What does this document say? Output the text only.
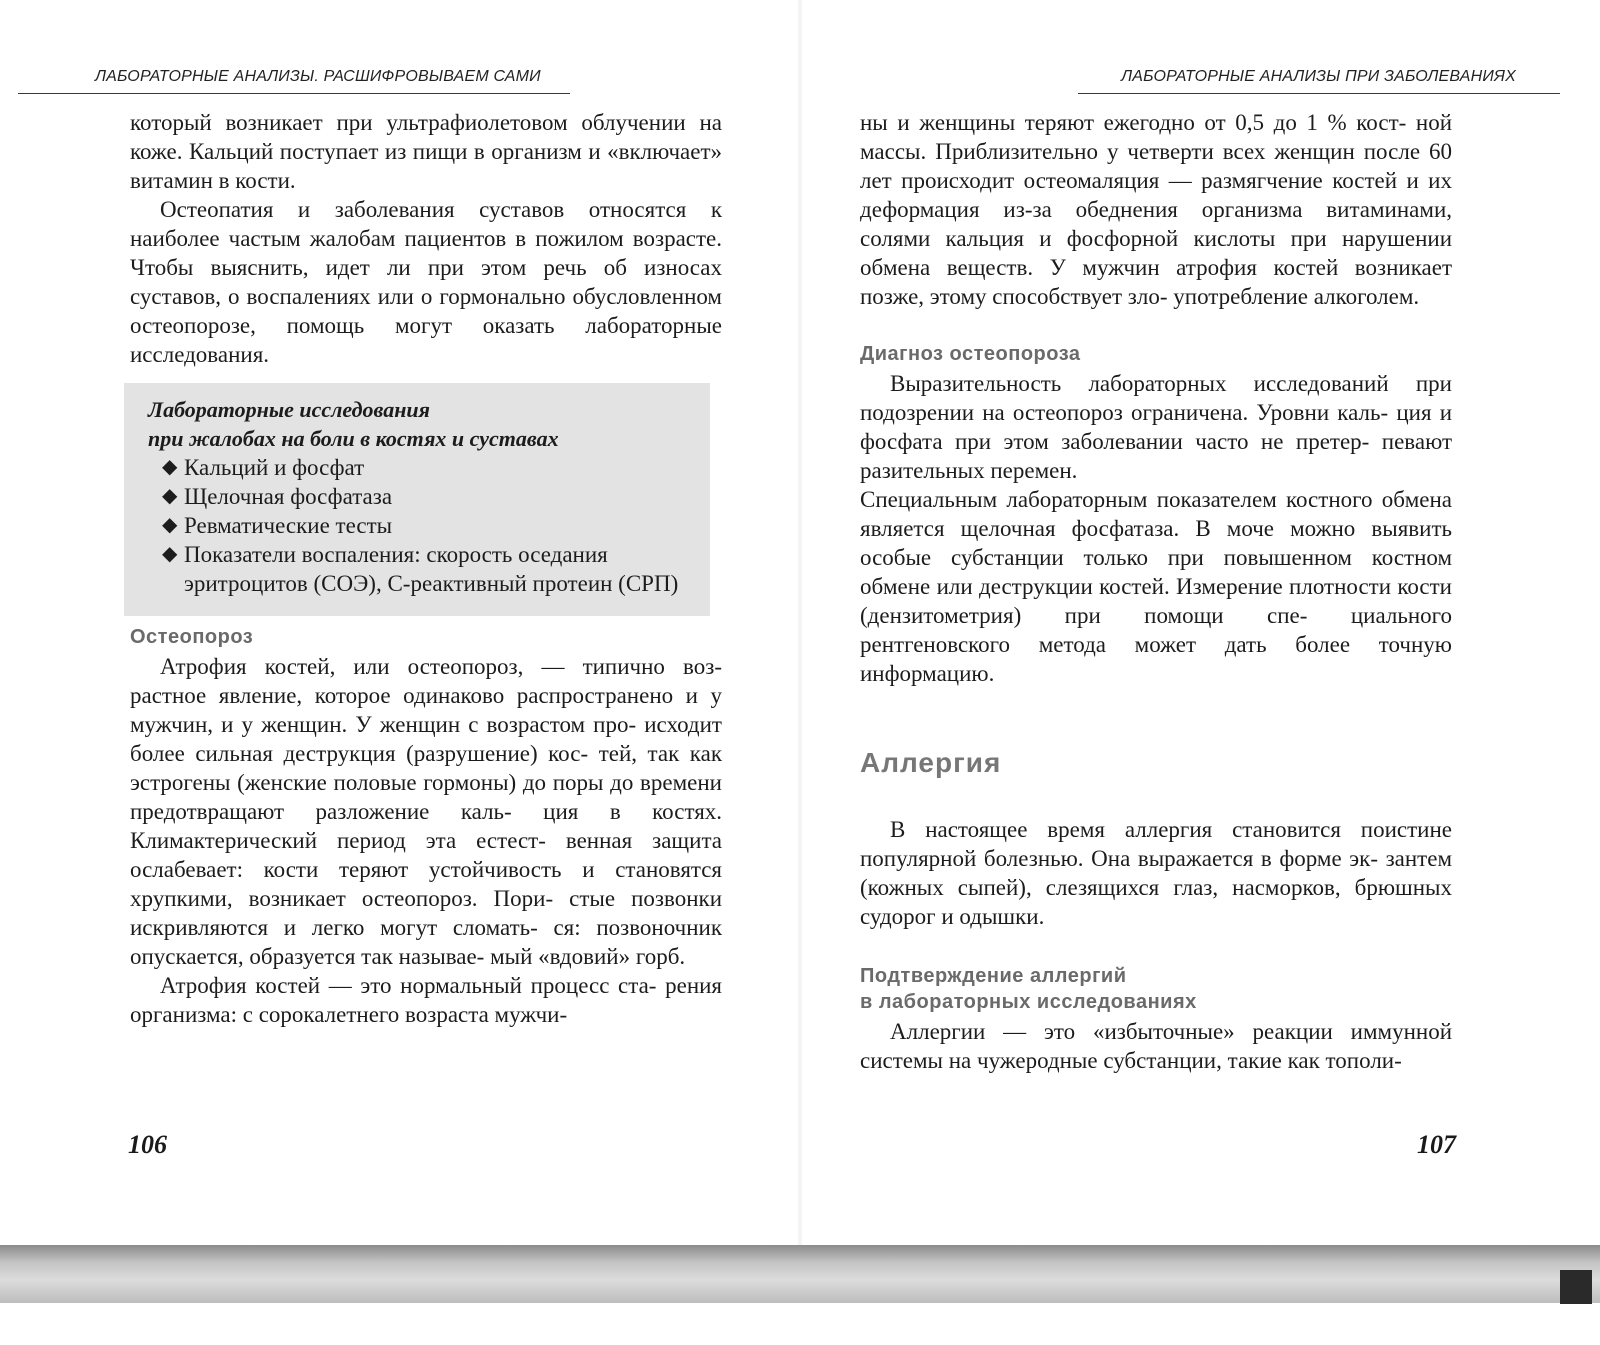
ЛАБОРАТОРНЫЕ АНАЛИЗЫ. РАСШИФРОВЫВАЕМ САМИ

который возникает при ультрафиолетовом облучении на коже. Кальций поступает из пищи в организм и «включает» витамин в кости.

Остеопатия и заболевания суставов относятся к наиболее частым жалобам пациентов в пожилом возрасте. Чтобы выяснить, идет ли при этом речь об износах суставов, о воспалениях или о гормонально обусловленном остеопорозе, помощь могут оказать лабораторные исследования.

Лабораторные исследования
при жалобах на боли в костях и суставах
◆ Кальций и фосфат
◆ Щелочная фосфатаза
◆ Ревматические тесты
◆ Показатели воспаления: скорость оседания эритроцитов (СОЭ), С-реактивный протеин (СРП)
Остеопороз

Атрофия костей, или остеопороз, — типично воз- растное явление, которое одинаково распространено и у мужчин, и у женщин. У женщин с возрастом про- исходит более сильная деструкция (разрушение) кос- тей, так как эстрогены (женские половые гормоны) до поры до времени предотвращают разложение каль- ция в костях. Климактерический период эта естест- венная защита ослабевает: кости теряют устойчивость и становятся хрупкими, возникает остеопороз. Пори- стые позвонки искривляются и легко могут сломать- ся: позвоночник опускается, образуется так называе- мый «вдовий» горб.

Атрофия костей — это нормальный процесс ста- рения организма: с сорокалетнего возраста мужчи-

106
ЛАБОРАТОРНЫЕ АНАЛИЗЫ ПРИ ЗАБОЛЕВАНИЯХ

ны и женщины теряют ежегодно от 0,5 до 1 % кост- ной массы. Приблизительно у четверти всех женщин после 60 лет происходит остеомаляция — размягчение костей и их деформация из-за обеднения организма витаминами, солями кальция и фосфорной кислоты при нарушении обмена веществ. У мужчин атрофия костей возникает позже, этому способствует зло- употребление алкоголем.

Диагноз остеопороза

Выразительность лабораторных исследований при подозрении на остеопороз ограничена. Уровни каль- ция и фосфата при этом заболевании часто не претер- певают разительных перемен.

Специальным лабораторным показателем костного обмена является щелочная фосфатаза. В моче можно выявить особые субстанции только при повышенном костном обмене или деструкции костей. Измерение плотности кости (дензитометрия) при помощи спе- циального рентгеновского метода может дать более точную информацию.

Аллергия

В настоящее время аллергия становится поистине популярной болезнью. Она выражается в форме эк- зантем (кожных сыпей), слезящихся глаз, насморков, брюшных судорог и одышки.

Подтверждение аллергий
в лабораторных исследованиях

Аллергии — это «избыточные» реакции иммунной системы на чужеродные субстанции, такие как тополи-

107
